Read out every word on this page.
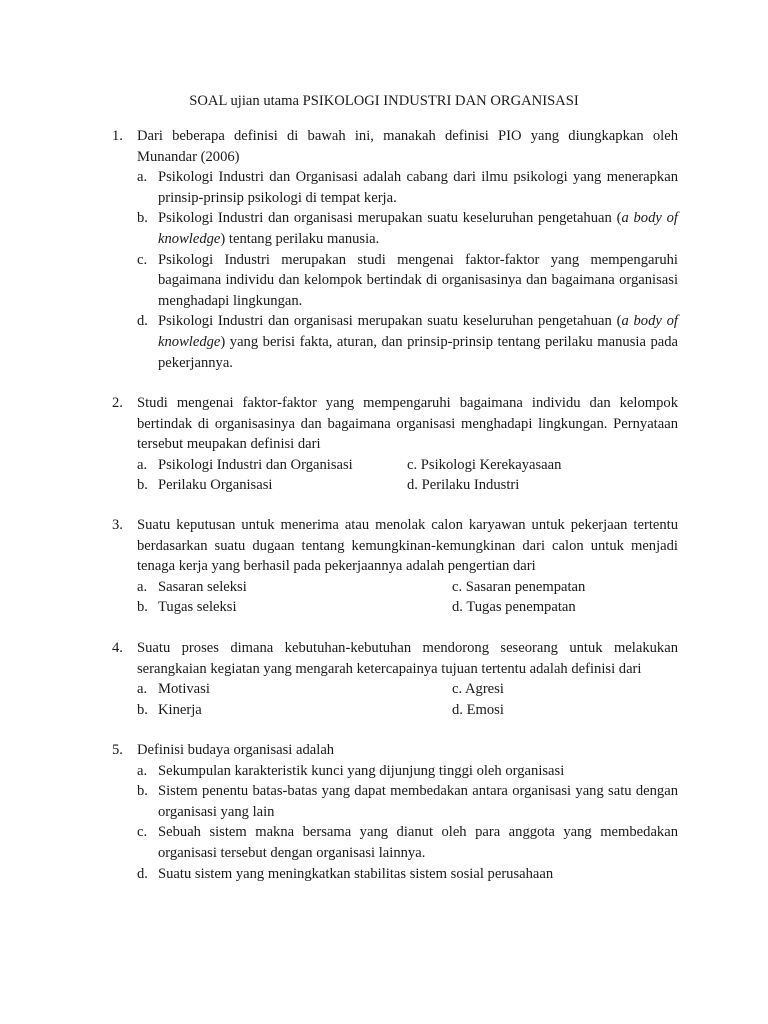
SOAL ujian utama PSIKOLOGI INDUSTRI DAN ORGANISASI
1. Dari beberapa definisi di bawah ini, manakah definisi PIO yang diungkapkan oleh Munandar (2006)
a. Psikologi Industri dan Organisasi adalah cabang dari ilmu psikologi yang menerapkan prinsip-prinsip psikologi di tempat kerja.
b. Psikologi Industri dan organisasi merupakan suatu keseluruhan pengetahuan (a body of knowledge) tentang perilaku manusia.
c. Psikologi Industri merupakan studi mengenai faktor-faktor yang mempengaruhi bagaimana individu dan kelompok bertindak di organisasinya dan bagaimana organisasi menghadapi lingkungan.
d. Psikologi Industri dan organisasi merupakan suatu keseluruhan pengetahuan (a body of knowledge) yang berisi fakta, aturan, dan prinsip-prinsip tentang perilaku manusia pada pekerjannya.
2. Studi mengenai faktor-faktor yang mempengaruhi bagaimana individu dan kelompok bertindak di organisasinya dan bagaimana organisasi menghadapi lingkungan. Pernyataan tersebut meupakan definisi dari
a. Psikologi Industri dan Organisasi	c. Psikologi Kerekayasaan
b. Perilaku Organisasi	d. Perilaku Industri
3. Suatu keputusan untuk menerima atau menolak calon karyawan untuk pekerjaan tertentu berdasarkan suatu dugaan tentang kemungkinan-kemungkinan dari calon untuk menjadi tenaga kerja yang berhasil pada pekerjaannya adalah pengertian dari
a. Sasaran seleksi	c. Sasaran penempatan
b. Tugas seleksi	d. Tugas penempatan
4. Suatu proses dimana kebutuhan-kebutuhan mendorong seseorang untuk melakukan serangkaian kegiatan yang mengarah ketercapainya tujuan tertentu adalah definisi dari
a. Motivasi	c. Agresi
b. Kinerja	d. Emosi
5. Definisi budaya organisasi adalah
a. Sekumpulan karakteristik kunci yang dijunjung tinggi oleh organisasi
b. Sistem penentu batas-batas yang dapat membedakan antara organisasi yang satu dengan organisasi yang lain
c. Sebuah sistem makna bersama yang dianut oleh para anggota yang membedakan organisasi tersebut dengan organisasi lainnya.
d. Suatu sistem yang meningkatkan stabilitas sistem sosial perusahaan
